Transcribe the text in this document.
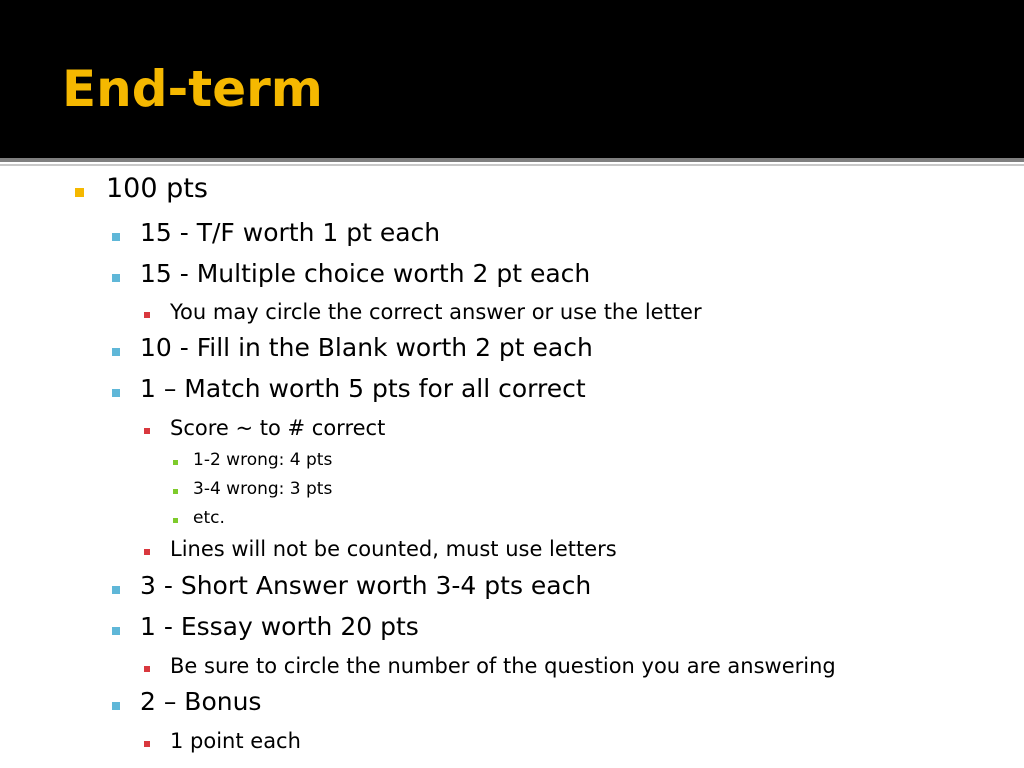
End-term
100 pts
15 - T/F worth 1 pt each
15 - Multiple choice worth 2 pt each
You may circle the correct answer or use the letter
10 - Fill in the Blank worth 2 pt each
1 – Match worth 5 pts for all correct
Score ~ to # correct
1-2 wrong: 4 pts
3-4 wrong: 3 pts
etc.
Lines will not be counted, must use letters
3 - Short Answer worth 3-4 pts each
1 - Essay worth 20 pts
Be sure to circle the number of the question you are answering
2 – Bonus
1 point each
